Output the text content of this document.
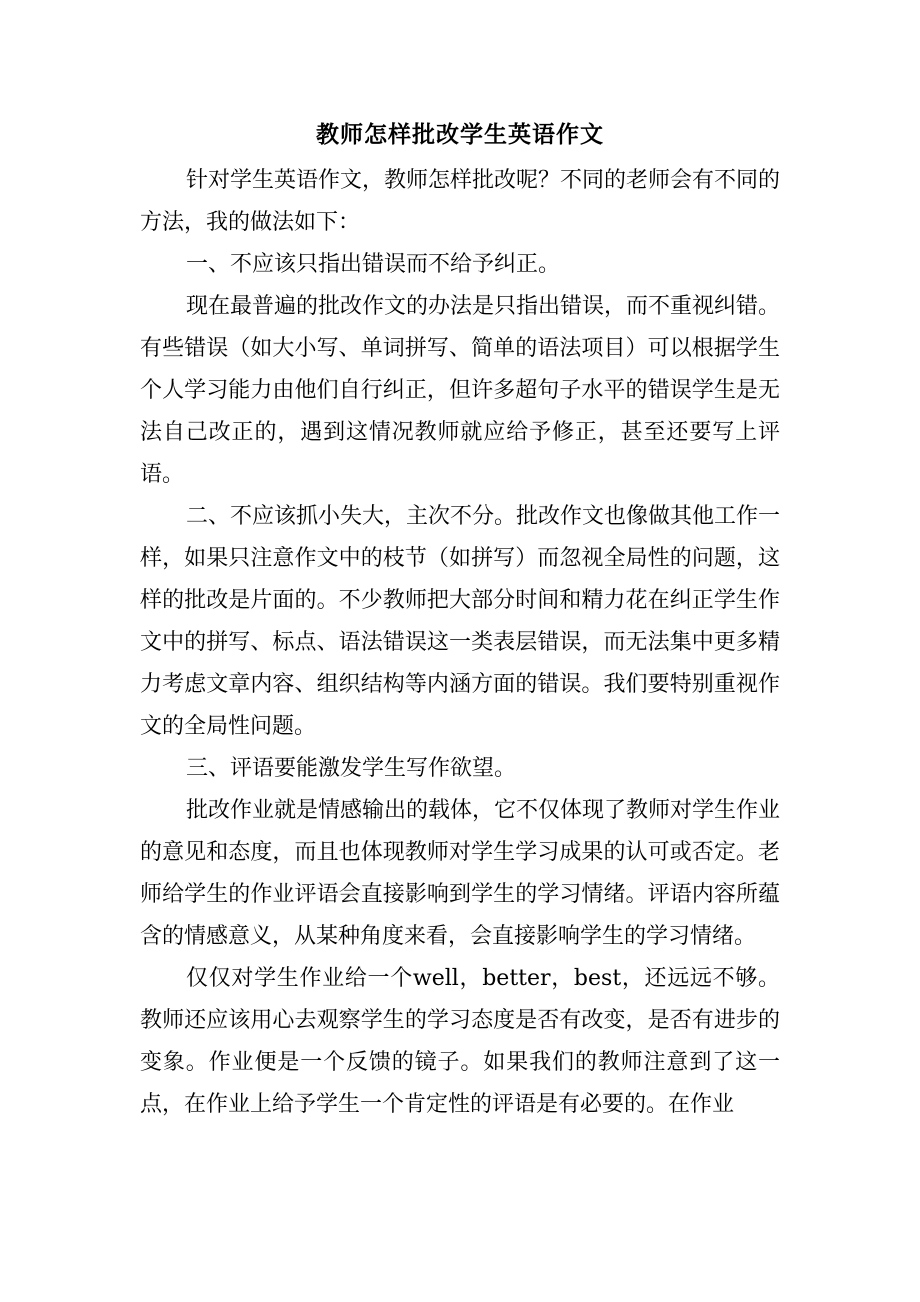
教师怎样批改学生英语作文

针对学生英语作文，教师怎样批改呢？不同的老师会有不同的方法，我的做法如下：

一、不应该只指出错误而不给予纠正。

现在最普遍的批改作文的办法是只指出错误，而不重视纠错。有些错误（如大小写、单词拼写、简单的语法项目）可以根据学生个人学习能力由他们自行纠正，但许多超句子水平的错误学生是无法自己改正的，遇到这情况教师就应给予修正，甚至还要写上评语。

二、不应该抓小失大，主次不分。批改作文也像做其他工作一样，如果只注意作文中的枝节（如拼写）而忽视全局性的问题，这样的批改是片面的。不少教师把大部分时间和精力花在纠正学生作文中的拼写、标点、语法错误这一类表层错误，而无法集中更多精力考虑文章内容、组织结构等内涵方面的错误。我们要特别重视作文的全局性问题。

三、评语要能激发学生写作欲望。

批改作业就是情感输出的载体，它不仅体现了教师对学生作业的意见和态度，而且也体现教师对学生学习成果的认可或否定。老师给学生的作业评语会直接影响到学生的学习情绪。评语内容所蕴含的情感意义，从某种角度来看，会直接影响学生的学习情绪。

仅仅对学生作业给一个well，better，best，还远远不够。教师还应该用心去观察学生的学习态度是否有改变，是否有进步的变象。作业便是一个反馈的镜子。如果我们的教师注意到了这一点，在作业上给予学生一个肯定性的评语是有必要的。在作业
